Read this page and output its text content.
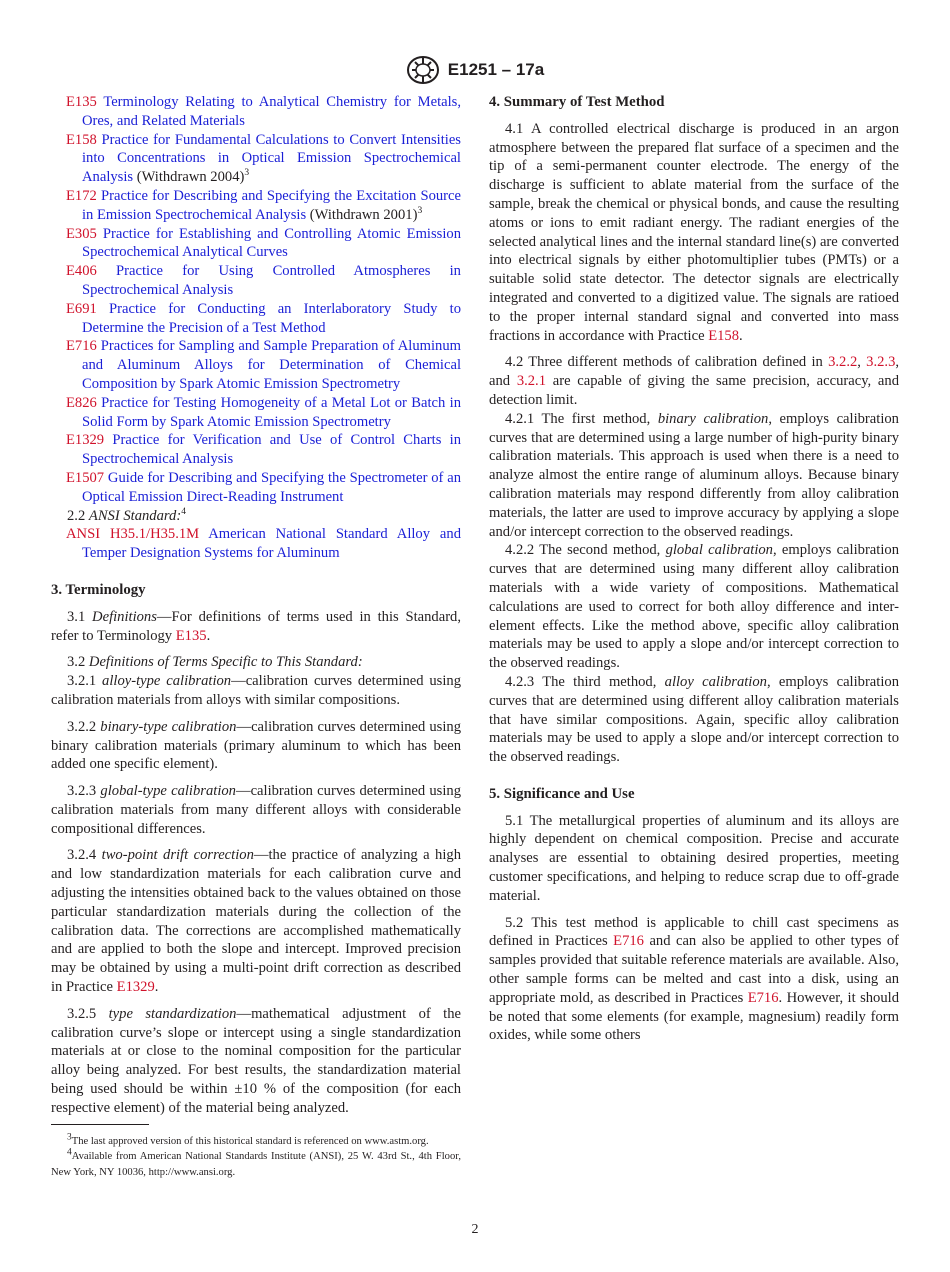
E1251 – 17a

E135 Terminology Relating to Analytical Chemistry for Metals, Ores, and Related Materials

E158 Practice for Fundamental Calculations to Convert Intensities into Concentrations in Optical Emission Spectrochemical Analysis (Withdrawn 2004)$^3$

E172 Practice for Describing and Specifying the Excitation Source in Emission Spectrochemical Analysis (Withdrawn 2001)$^3$

E305 Practice for Establishing and Controlling Atomic Emission Spectrochemical Analytical Curves

E406 Practice for Using Controlled Atmospheres in Spectrochemical Analysis

E691 Practice for Conducting an Interlaboratory Study to Determine the Precision of a Test Method

E716 Practices for Sampling and Sample Preparation of Aluminum and Aluminum Alloys for Determination of Chemical Composition by Spark Atomic Emission Spectrometry

E826 Practice for Testing Homogeneity of a Metal Lot or Batch in Solid Form by Spark Atomic Emission Spectrometry

E1329 Practice for Verification and Use of Control Charts in Spectrochemical Analysis

E1507 Guide for Describing and Specifying the Spectrometer of an Optical Emission Direct-Reading Instrument

2.2 ANSI Standard:$^4$

ANSI H35.1/H35.1M American National Standard Alloy and Temper Designation Systems for Aluminum

3. Terminology

3.1 Definitions—For definitions of terms used in this Standard, refer to Terminology E135.

3.2 Definitions of Terms Specific to This Standard:

3.2.1 alloy-type calibration—calibration curves determined using calibration materials from alloys with similar compositions.

3.2.2 binary-type calibration—calibration curves determined using binary calibration materials (primary aluminum to which has been added one specific element).

3.2.3 global-type calibration—calibration curves determined using calibration materials from many different alloys with considerable compositional differences.

3.2.4 two-point drift correction—the practice of analyzing a high and low standardization materials for each calibration curve and adjusting the intensities obtained back to the values obtained on those particular standardization materials during the collection of the calibration data. The corrections are accomplished mathematically and are applied to both the slope and intercept. Improved precision may be obtained by using a multi-point drift correction as described in Practice E1329.

3.2.5 type standardization—mathematical adjustment of the calibration curve’s slope or intercept using a single standardization materials at or close to the nominal composition for the particular alloy being analyzed. For best results, the standardization material being used should be within ±10 % of the composition (for each respective element) of the material being analyzed.

4. Summary of Test Method

4.1 A controlled electrical discharge is produced in an argon atmosphere between the prepared flat surface of a specimen and the tip of a semi-permanent counter electrode. The energy of the discharge is sufficient to ablate material from the surface of the sample, break the chemical or physical bonds, and cause the resulting atoms or ions to emit radiant energy. The radiant energies of the selected analytical lines and the internal standard line(s) are converted into electrical signals by either photomultiplier tubes (PMTs) or a suitable solid state detector. The detector signals are electrically integrated and converted to a digitized value. The signals are ratioed to the proper internal standard signal and converted into mass fractions in accordance with Practice E158.

4.2 Three different methods of calibration defined in 3.2.2, 3.2.3, and 3.2.1 are capable of giving the same precision, accuracy, and detection limit.

4.2.1 The first method, binary calibration, employs calibration curves that are determined using a large number of high-purity binary calibration materials. This approach is used when there is a need to analyze almost the entire range of aluminum alloys. Because binary calibration materials may respond differently from alloy calibration materials, the latter are used to improve accuracy by applying a slope and/or intercept correction to the observed readings.

4.2.2 The second method, global calibration, employs calibration curves that are determined using many different alloy calibration materials with a wide variety of compositions. Mathematical calculations are used to correct for both alloy difference and inter-element effects. Like the method above, specific alloy calibration materials may be used to apply a slope and/or intercept correction to the observed readings.

4.2.3 The third method, alloy calibration, employs calibration curves that are determined using different alloy calibration materials that have similar compositions. Again, specific alloy calibration materials may be used to apply a slope and/or intercept correction to the observed readings.

5. Significance and Use

5.1 The metallurgical properties of aluminum and its alloys are highly dependent on chemical composition. Precise and accurate analyses are essential to obtaining desired properties, meeting customer specifications, and helping to reduce scrap due to off-grade material.

5.2 This test method is applicable to chill cast specimens as defined in Practices E716 and can also be applied to other types of samples provided that suitable reference materials are available. Also, other sample forms can be melted and cast into a disk, using an appropriate mold, as described in Practices E716. However, it should be noted that some elements (for example, magnesium) readily form oxides, while some others

3The last approved version of this historical standard is referenced on www.astm.org.

4Available from American National Standards Institute (ANSI), 25 W. 43rd St., 4th Floor, New York, NY 10036, http://www.ansi.org.

2
